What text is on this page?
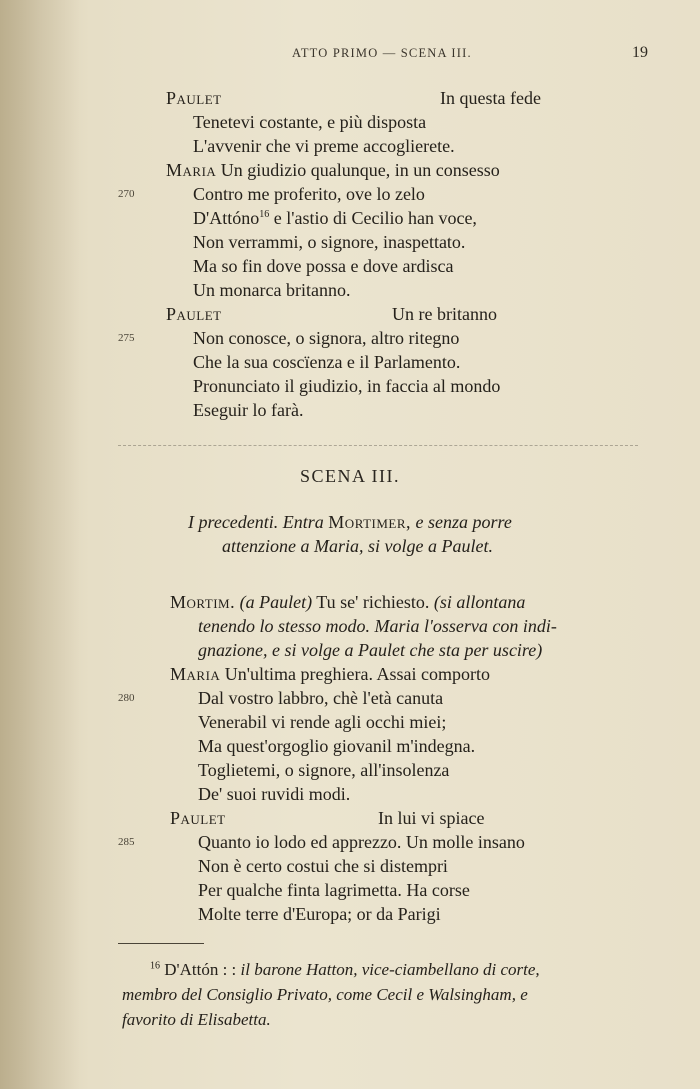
ATTO PRIMO — SCENA III.	19
Paulet	In questa fede
Tenetevi costante, e più disposta
L'avvenir che vi preme accoglierete.
Maria Un giudizio qualunque, in un consesso
270	Contro me proferito, ove lo zelo
D'Attóno$^{16}$ e l'astio di Cecilio han voce,
Non verrammi, o signore, inaspettato.
Ma so fin dove possa e dove ardisca
Un monarca britanno.
Paulet	Un re britanno
275	Non conosce, o signora, altro ritegno
Che la sua coscïenza e il Parlamento.
Pronunciato il giudizio, in faccia al mondo
Eseguir lo farà.
SCENA III.
I precedenti. Entra Mortimer, e senza porre
attenzione a Maria, si volge a Paulet.
Mortim. (a Paulet) Tu se' richiesto. (si allontana
tenendo lo stesso modo. Maria l'osserva con indi-
gnazione, e si volge a Paulet che sta per uscire)
Maria Un'ultima preghiera. Assai comporto
280	Dal vostro labbro, chè l'età canuta
Venerabil vi rende agli occhi miei;
Ma quest'orgoglio giovanil m'indegna.
Toglietemi, o signore, all'insolenza
De' suoi ruvidi modi.
Paulet	In lui vi spiace
285	Quanto io lodo ed apprezzo. Un molle insano
Non è certo costui che si distempri
Per qualche finta lagrimetta. Ha corse
Molte terre d'Europa; or da Parigi
$^{16}$ D'Attón : : il barone Hatton, vice-ciambellano di corte,
membro del Consiglio Privato, come Cecil e Walsingham, e
favorito di Elisabetta.
